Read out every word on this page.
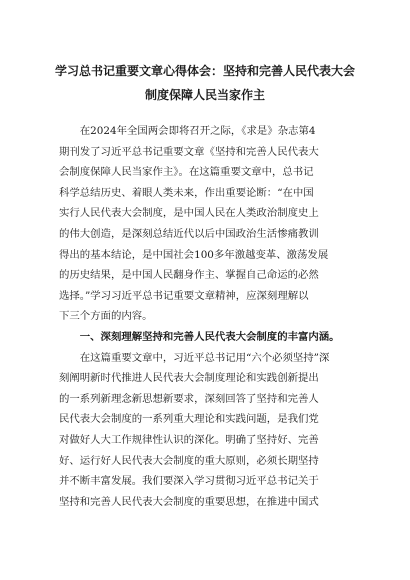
学习总书记重要文章心得体会：坚持和完善人民代表大会
制度保障人民当家作主
　　在2024年全国两会即将召开之际，《求是》杂志第4
期刊发了习近平总书记重要文章《坚持和完善人民代表大
会制度保障人民当家作主》。在这篇重要文章中，总书记
科学总结历史、着眼人类未来，作出重要论断：“在中国
实行人民代表大会制度，是中国人民在人类政治制度史上
的伟大创造，是深刻总结近代以后中国政治生活惨痛教训
得出的基本结论，是中国社会100多年激越变革、激荡发展
的历史结果，是中国人民翻身作主、掌握自己命运的必然
选择。”学习习近平总书记重要文章精神，应深刻理解以
下三个方面的内容。
　　一、深刻理解坚持和完善人民代表大会制度的丰富内涵。
　　在这篇重要文章中，习近平总书记用“六个必须坚持”深
刻阐明新时代推进人民代表大会制度理论和实践创新提出
的一系列新理念新思想新要求，深刻回答了坚持和完善人
民代表大会制度的一系列重大理论和实践问题，是我们党
对做好人大工作规律性认识的深化。明确了坚持好、完善
好、运行好人民代表大会制度的重大原则，必须长期坚持
并不断丰富发展。我们要深入学习贯彻习近平总书记关于
坚持和完善人民代表大会制度的重要思想，在推进中国式
